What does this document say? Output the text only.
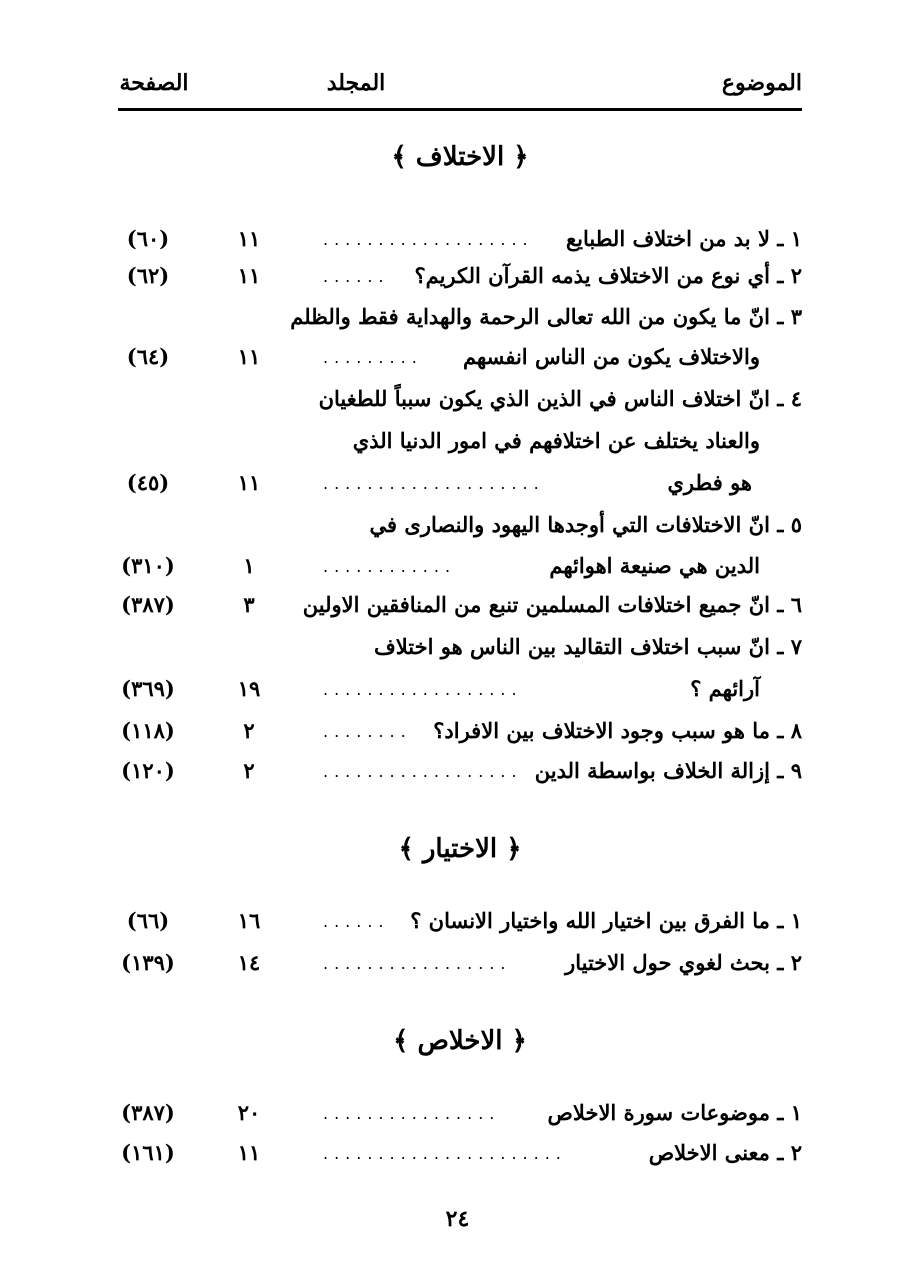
الموضوع
المجلد
الصفحة
﴿ الاختلاف ﴾
١ ـ لا بد من اختلاف الطبايع
...................
١١
(٦٠)
٢ ـ أي نوع من الاختلاف يذمه القرآن الكريم؟
......
١١
(٦٢)
٣ ـ انّ ما يكون من الله تعالى الرحمة والهداية فقط والظلم
والاختلاف يكون من الناس انفسهم
.........
١١
(٦٤)
٤ ـ انّ اختلاف الناس في الذين الذي يكون سبباً للطغيان
والعناد يختلف عن اختلافهم في امور الدنيا الذي
هو فطري
....................
١١
(٤٥)
٥ ـ انّ الاختلافات التي أوجدها اليهود والنصارى في
الدين هي صنيعة اهوائهم
............
١
(٣١٠)
٦ ـ انّ جميع اختلافات المسلمين تنبع من المنافقين الاولين
٣
(٣٨٧)
٧ ـ انّ سبب اختلاف التقاليد بين الناس هو اختلاف
آرائهم ؟
..................
١٩
(٣٦٩)
٨ ـ ما هو سبب وجود الاختلاف بين الافراد؟
........
٢
(١١٨)
٩ ـ إزالة الخلاف بواسطة الدين
..................
٢
(١٢٠)
﴿ الاختيار ﴾
١ ـ ما الفرق بين اختيار الله واختيار الانسان ؟
......
١٦
(٦٦)
٢ ـ بحث لغوي حول الاختيار
.................
١٤
(١٣٩)
﴿ الاخلاص ﴾
١ ـ موضوعات سورة الاخلاص
................
٢٠
(٣٨٧)
٢ ـ معنى الاخلاص
......................
١١
(١٦١)
٢٤
